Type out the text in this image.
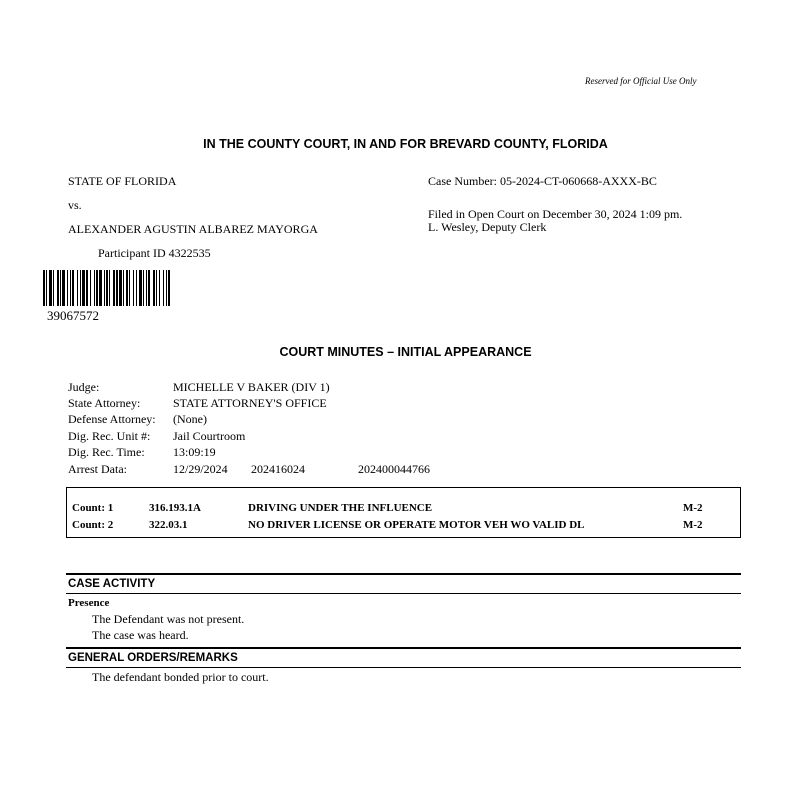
Reserved for Official Use Only
IN THE COUNTY COURT, IN AND FOR BREVARD COUNTY, FLORIDA
STATE OF FLORIDA
vs.
ALEXANDER AGUSTIN ALBAREZ MAYORGA
Participant ID 4322535
Case Number: 05-2024-CT-060668-AXXX-BC
Filed in Open Court on December 30, 2024 1:09 pm.
L. Wesley, Deputy Clerk
39067572
COURT MINUTES – INITIAL APPEARANCE
Judge:	MICHELLE V BAKER (DIV 1)
State Attorney:	STATE ATTORNEY'S OFFICE
Defense Attorney: (None)
Dig. Rec. Unit #: Jail Courtroom
Dig. Rec. Time: 13:09:19
Arrest Data:	12/29/2024 202416024	202400044766
Count: 1	316.193.1A	DRIVING UNDER THE INFLUENCE	M-2
Count: 2	322.03.1	NO DRIVER LICENSE OR OPERATE MOTOR VEH WO VALID DL	M-2
CASE ACTIVITY
Presence
The Defendant was not present.
The case was heard.
GENERAL ORDERS/REMARKS
The defendant bonded prior to court.
